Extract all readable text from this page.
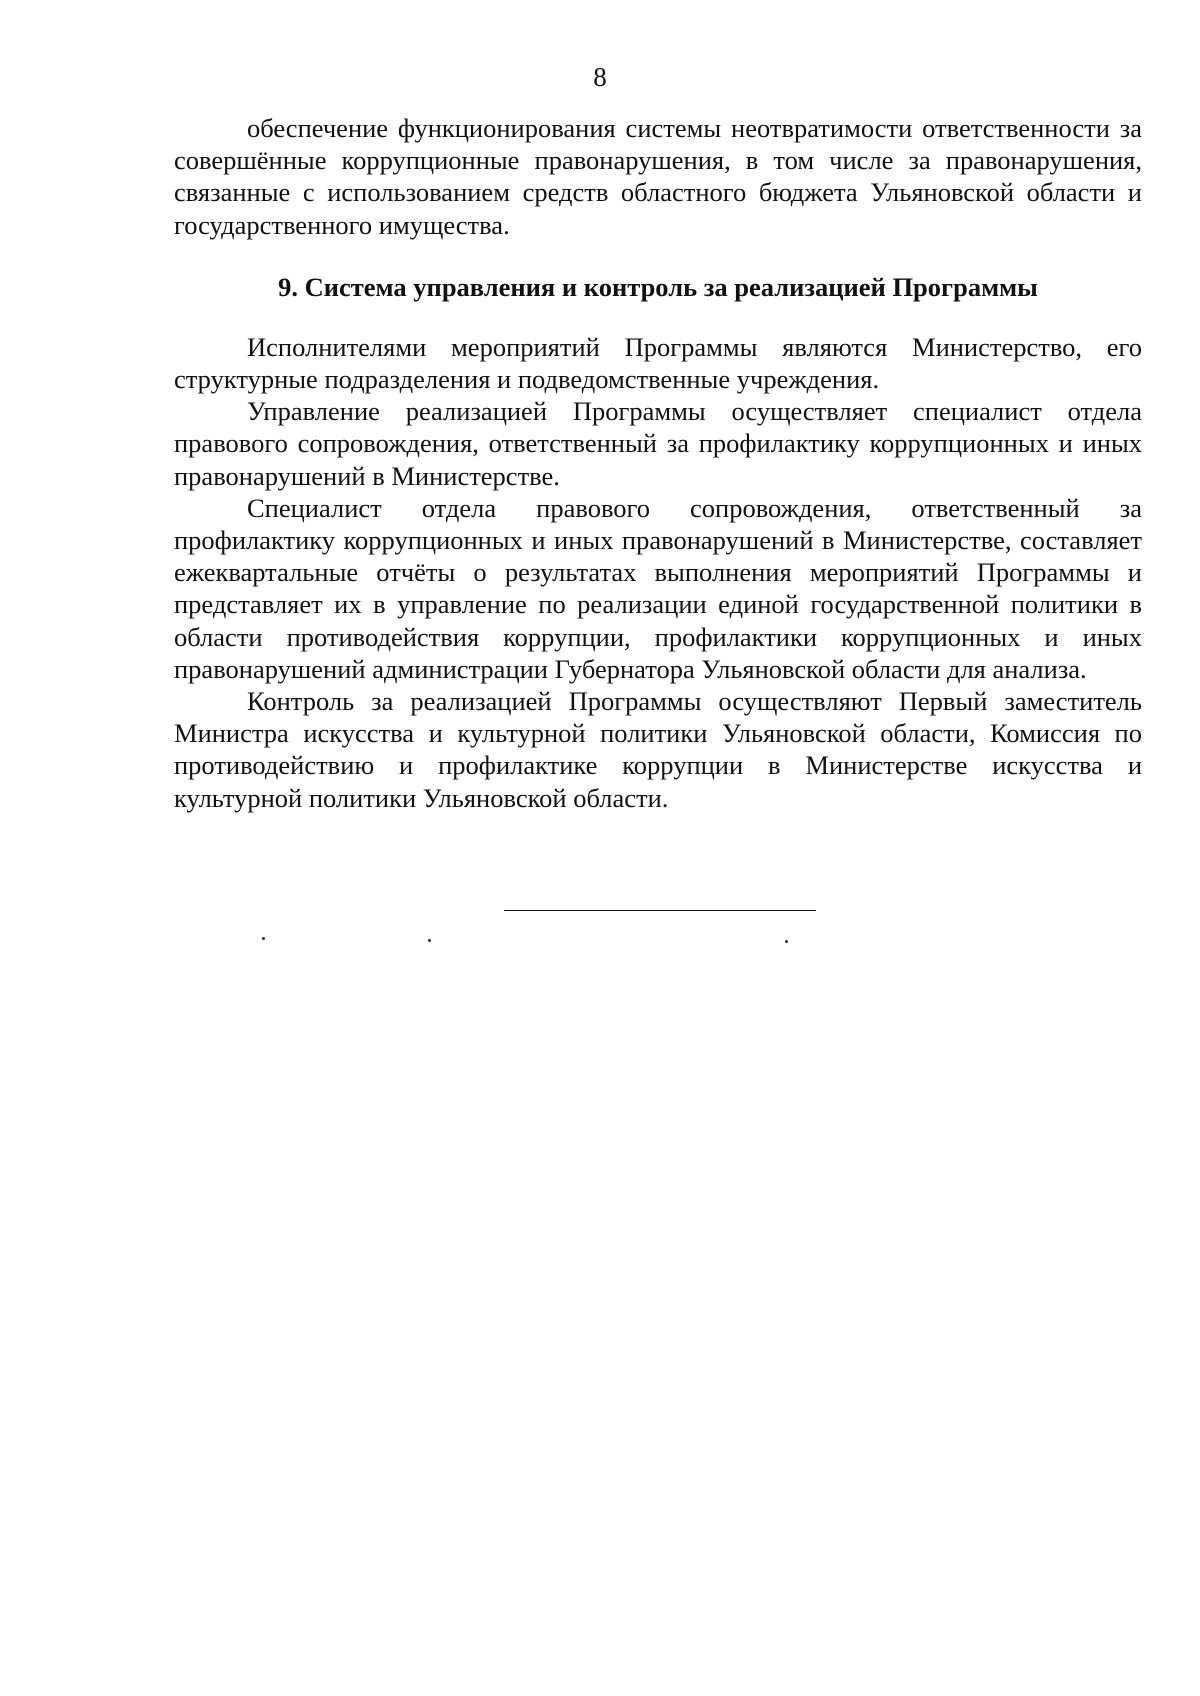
8

обеспечение функционирования системы неотвратимости ответственности за совершённые коррупционные правонарушения, в том числе за правонарушения, связанные с использованием средств областного бюджета Ульяновской области и государственного имущества.

9. Система управления и контроль за реализацией Программы

Исполнителями мероприятий Программы являются Министерство, его структурные подразделения и подведомственные учреждения.

Управление реализацией Программы осуществляет специалист отдела правового сопровождения, ответственный за профилактику коррупционных и иных правонарушений в Министерстве.

Специалист отдела правового сопровождения, ответственный за профилактику коррупционных и иных правонарушений в Министерстве, составляет ежеквартальные отчёты о результатах выполнения мероприятий Программы и представляет их в управление по реализации единой государственной политики в области противодействия коррупции, профилактики коррупционных и иных правонарушений администрации Губернатора Ульяновской области для анализа.

Контроль за реализацией Программы осуществляют Первый заместитель Министра искусства и культурной политики Ульяновской области, Комиссия по противодействию и профилактике коррупции в Министерстве искусства и культурной политики Ульяновской области.
